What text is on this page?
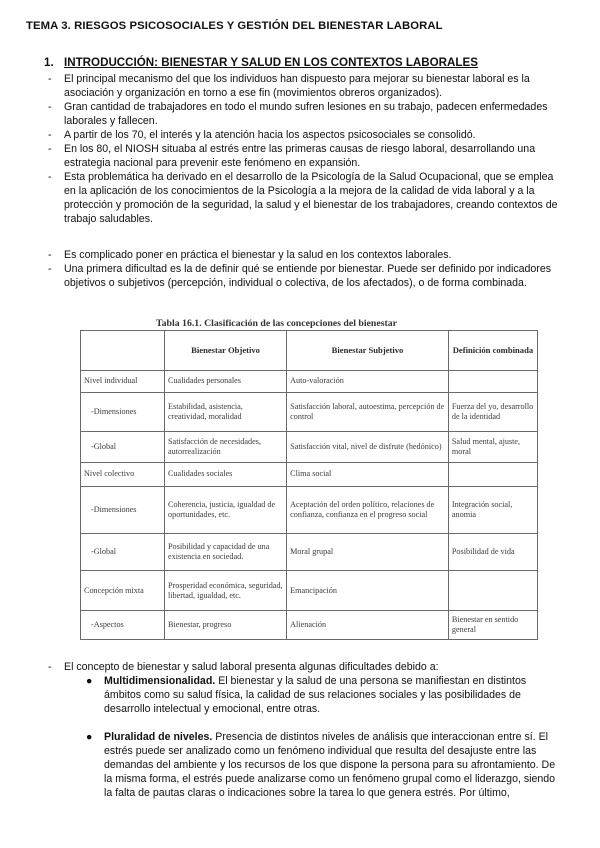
TEMA 3. RIESGOS PSICOSOCIALES Y GESTIÓN DEL BIENESTAR LABORAL
1. INTRODUCCIÓN: BIENESTAR Y SALUD EN LOS CONTEXTOS LABORALES

- El principal mecanismo del que los individuos han dispuesto para mejorar su bienestar laboral es la asociación y organización en torno a ese fin (movimientos obreros organizados).

- Gran cantidad de trabajadores en todo el mundo sufren lesiones en su trabajo, padecen enfermedades laborales y fallecen.

- A partir de los 70, el interés y la atención hacia los aspectos psicosociales se consolidó.

- En los 80, el NIOSH situaba al estrés entre las primeras causas de riesgo laboral, desarrollando una estrategia nacional para prevenir este fenómeno en expansión.

- Esta problemática ha derivado en el desarrollo de la Psicología de la Salud Ocupacional, que se emplea en la aplicación de los conocimientos de la Psicología a la mejora de la calidad de vida laboral y a la protección y promoción de la seguridad, la salud y el bienestar de los trabajadores, creando contextos de trabajo saludables.

- Es complicado poner en práctica el bienestar y la salud en los contextos laborales.

- Una primera dificultad es la de definir qué se entiende por bienestar. Puede ser definido por indicadores objetivos o subjetivos (percepción, individual o colectiva, de los afectados), o de forma combinada.

Tabla 16.1. Clasificación de las concepciones del bienestar
	Bienestar Objetivo	Bienestar Subjetivo	Definición combinada
Nivel individual	Cualidades personales	Auto-valoración	
-Dimensiones	Estabilidad, asistencia, creatividad, moralidad	Satisfacción laboral, autoestima, percepción de control	Fuerza del yo, desarrollo de la identidad
-Global	Satisfacción de necesidades, autorrealización	Satisfacción vital, nivel de disfrute (hedónico)	Salud mental, ajuste, moral
Nivel colectivo	Cualidades sociales	Clima social	
-Dimensiones	Coherencia, justicia, igualdad de oportunidades, etc.	Aceptación del orden político, relaciones de confianza, confianza en el progreso social	Integración social, anomia
-Global	Posibilidad y capacidad de una existencia en sociedad.	Moral grupal	Posibilidad de vida
Concepción mixta	Prosperidad económica, seguridad, libertad, igualdad, etc.	Emancipación	
-Aspectos	Bienestar, progreso	Alienación	Bienestar en sentido general

- El concepto de bienestar y salud laboral presenta algunas dificultades debido a:

● Multidimensionalidad. El bienestar y la salud de una persona se manifiestan en distintos ámbitos como su salud física, la calidad de sus relaciones sociales y las posibilidades de desarrollo intelectual y emocional, entre otras.

● Pluralidad de niveles. Presencia de distintos niveles de análisis que interaccionan entre sí. El estrés puede ser analizado como un fenómeno individual que resulta del desajuste entre las demandas del ambiente y los recursos de los que dispone la persona para su afrontamiento. De la misma forma, el estrés puede analizarse como un fenómeno grupal como el liderazgo, siendo la falta de pautas claras o indicaciones sobre la tarea lo que genera estrés. Por último,
